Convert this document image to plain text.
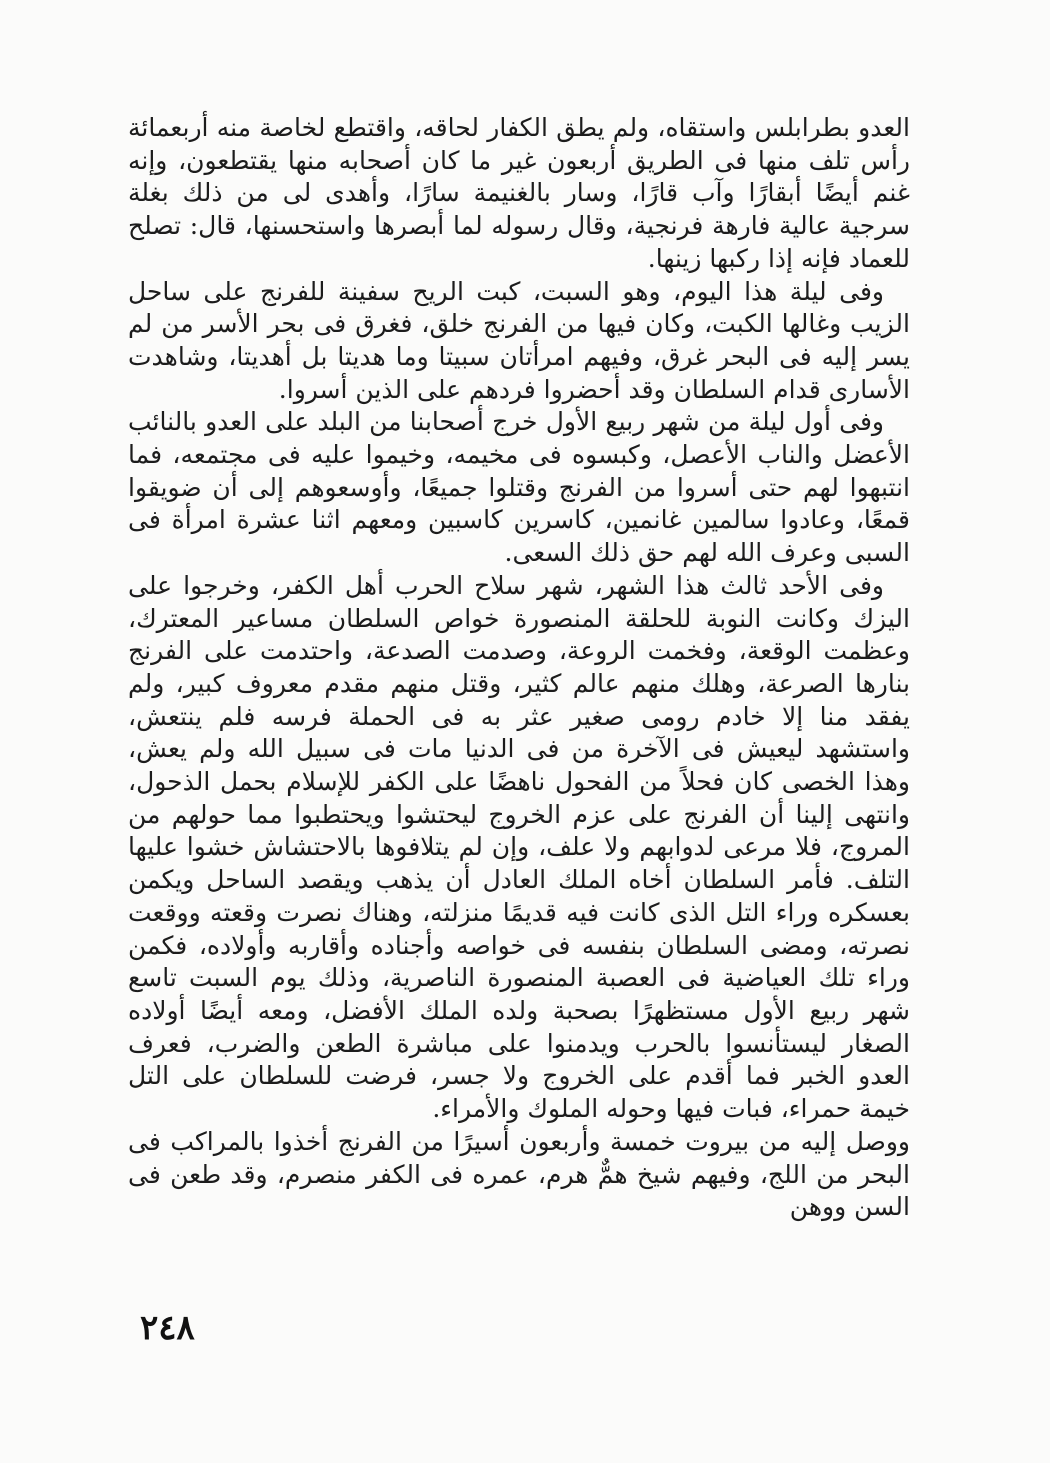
العدو بطرابلس واستقاه، ولم يطق الكفار لحاقه، واقتطع لخاصة منه أربعمائة رأس تلف منها فى الطريق أربعون غير ما كان أصحابه منها يقتطعون، وإنه غنم أيضًا أبقارًا وآب قارًا، وسار بالغنيمة سارًا، وأهدى لى من ذلك بغلة سرجية عالية فارهة فرنجية، وقال رسوله لما أبصرها واستحسنها، قال: تصلح للعماد فإنه إذا ركبها زينها.

وفى ليلة هذا اليوم، وهو السبت، كبت الريح سفينة للفرنج على ساحل الزيب وغالها الكبت، وكان فيها من الفرنج خلق، فغرق فى بحر الأسر من لم يسر إليه فى البحر غرق، وفيهم امرأتان سبيتا وما هديتا بل أهديتا، وشاهدت الأسارى قدام السلطان وقد أحضروا فردهم على الذين أسروا.

وفى أول ليلة من شهر ربيع الأول خرج أصحابنا من البلد على العدو بالنائب الأعضل والناب الأعصل، وكبسوه فى مخيمه، وخيموا عليه فى مجتمعه، فما انتبهوا لهم حتى أسروا من الفرنج وقتلوا جميعًا، وأوسعوهم إلى أن ضويقوا قمعًا، وعادوا سالمين غانمين، كاسرين كاسبين ومعهم اثنا عشرة امرأة فى السبى وعرف الله لهم حق ذلك السعى.

وفى الأحد ثالث هذا الشهر، شهر سلاح الحرب أهل الكفر، وخرجوا على اليزك وكانت النوبة للحلقة المنصورة خواص السلطان مساعير المعترك، وعظمت الوقعة، وفخمت الروعة، وصدمت الصدعة، واحتدمت على الفرنج بنارها الصرعة، وهلك منهم عالم كثير، وقتل منهم مقدم معروف كبير، ولم يفقد منا إلا خادم رومى صغير عثر به فى الحملة فرسه فلم ينتعش، واستشهد ليعيش فى الآخرة من فى الدنيا مات فى سبيل الله ولم يعش، وهذا الخصى كان فحلاً من الفحول ناهضًا على الكفر للإسلام بحمل الذحول، وانتهى إلينا أن الفرنج على عزم الخروج ليحتشوا ويحتطبوا مما حولهم من المروج، فلا مرعى لدوابهم ولا علف، وإن لم يتلافوها بالاحتشاش خشوا عليها التلف. فأمر السلطان أخاه الملك العادل أن يذهب ويقصد الساحل ويكمن بعسكره وراء التل الذى كانت فيه قديمًا منزلته، وهناك نصرت وقعته ووقعت نصرته، ومضى السلطان بنفسه فى خواصه وأجناده وأقاربه وأولاده، فكمن وراء تلك العياضية فى العصبة المنصورة الناصرية، وذلك يوم السبت تاسع شهر ربيع الأول مستظهرًا بصحبة ولده الملك الأفضل، ومعه أيضًا أولاده الصغار ليستأنسوا بالحرب ويدمنوا على مباشرة الطعن والضرب، فعرف العدو الخبر فما أقدم على الخروج ولا جسر، فرضت للسلطان على التل خيمة حمراء، فبات فيها وحوله الملوك والأمراء.

ووصل إليه من بيروت خمسة وأربعون أسيرًا من الفرنج أخذوا بالمراكب فى البحر من اللج، وفيهم شيخ همٌّ هرم، عمره فى الكفر منصرم، وقد طعن فى السن ووهن

٢٤٨
